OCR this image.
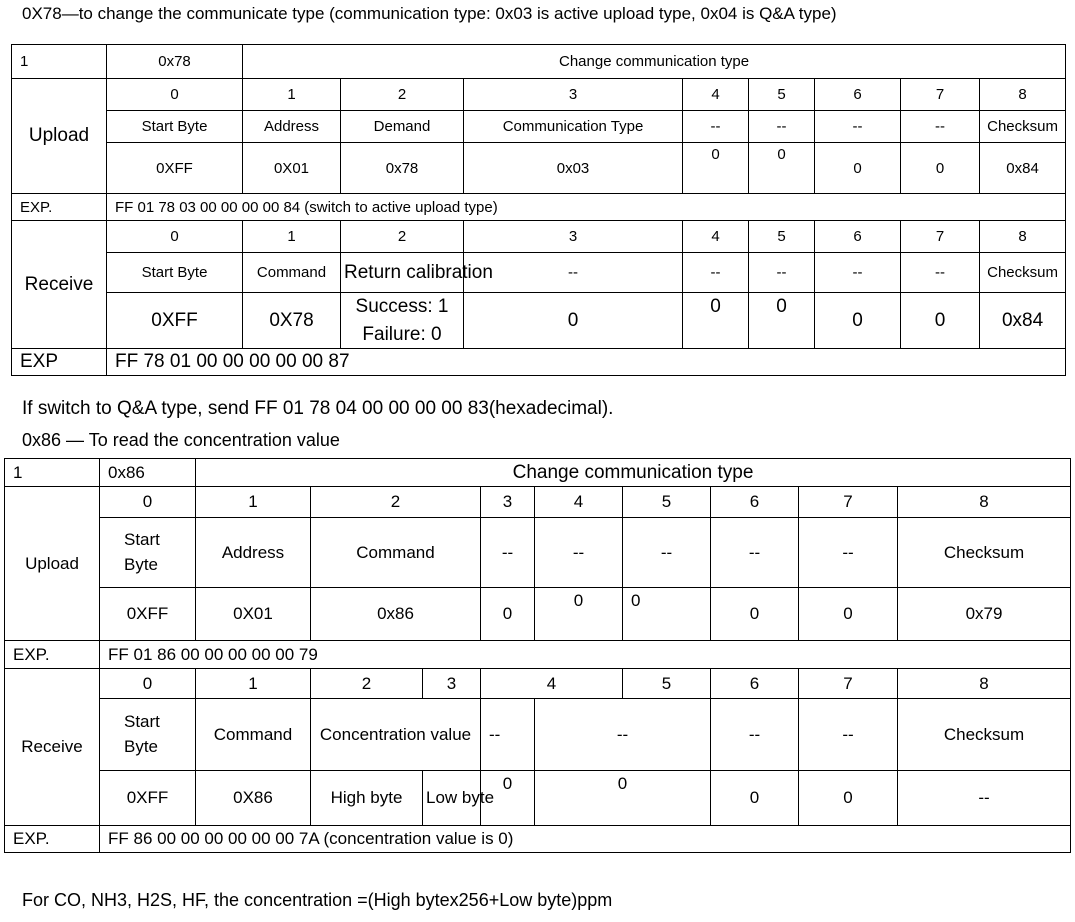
0X78—to change the communicate type (communication type: 0x03 is active upload type, 0x04 is Q&A type)
1	0x78	Change communication type							
Upload	0	1	2	3	4	5	6	7	8
	Start Byte	Address	Demand	Communication Type	--	--	--	--	Checksum
	0XFF	0X01	0x78	0x03	0	0	0	0	0x84
EXP.	FF 01 78 03 00 00 00 00 84 (switch to active upload type)								
Receive	0	1	2	3	4	5	6	7	8
	Start Byte	Command	Return calibration	--	--	--	--	--	Checksum
	0XFF	0X78	Success: 1
Failure: 0	0	0	0	0	0	0x84
EXP	FF 78 01 00 00 00 00 00 87								
If switch to Q&A type, send FF 01 78 04 00 00 00 00 83(hexadecimal).
0x86 — To read the concentration value
1	0x86	Change communication type								
Upload	0	1	2		3	4	5	6	7	8
	Start Byte	Address	Command		--	--	--	--	--	Checksum
	0XFF	0X01	0x86		0	0	0	0	0	0x79
EXP.	FF 01 86 00 00 00 00 00 79									
Receive	0	1	2	3	4		5	6	7	8
	Start Byte	Command	Concentration value		--	--		--	--	Checksum
	0XFF	0X86	High byte	Low byte	0	0		0	0	--
EXP.	FF 86 00 00 00 00 00 00 7A (concentration value is 0)									
For CO, NH3, H2S, HF, the concentration =(High bytex256+Low byte)ppm
